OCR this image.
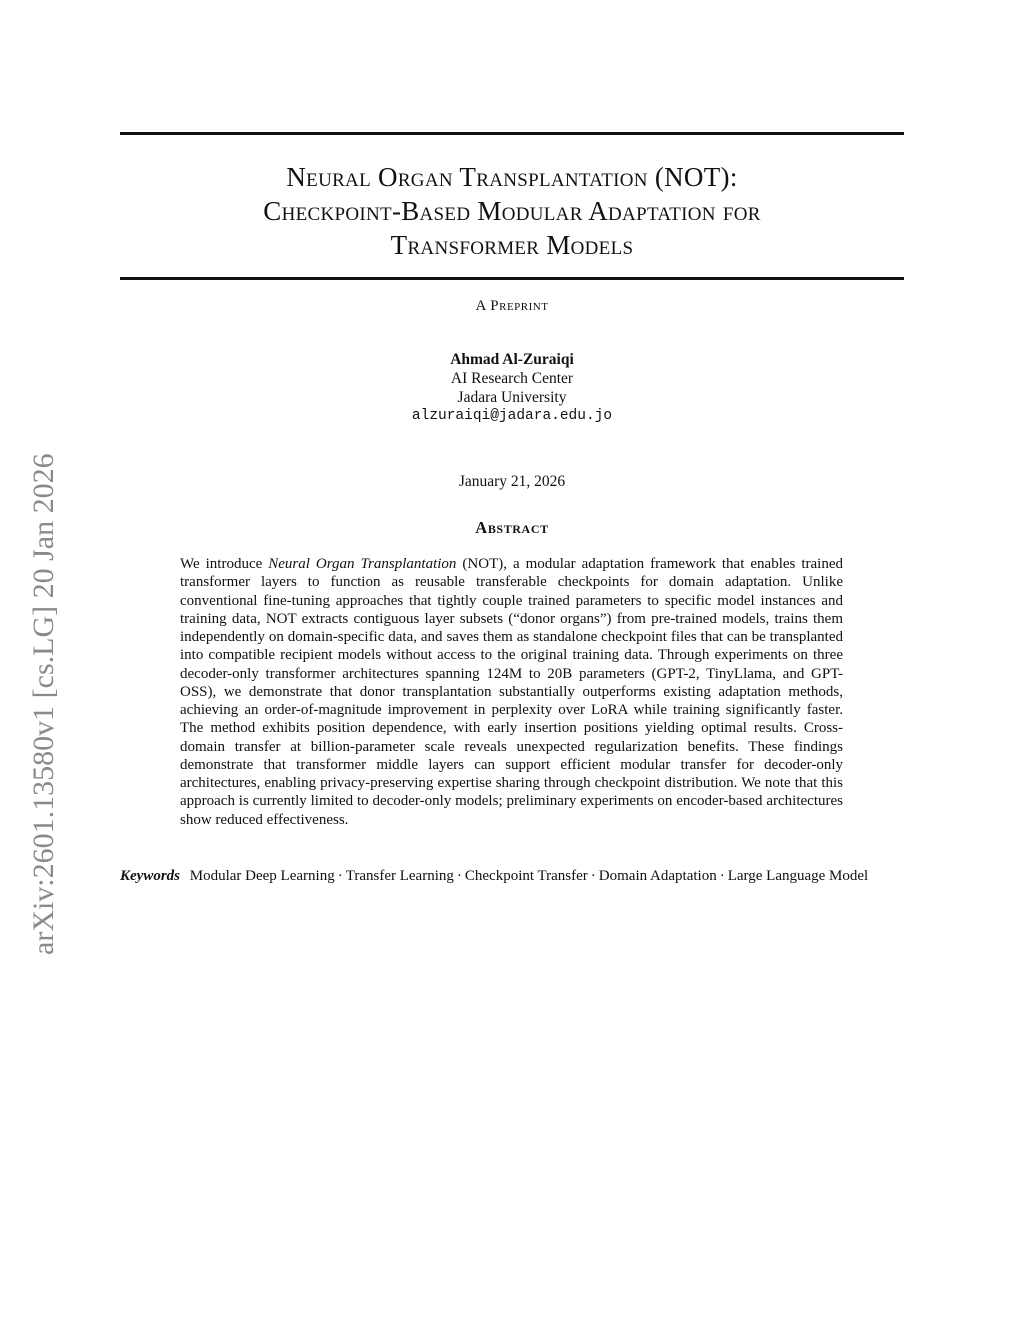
arXiv:2601.13580v1 [cs.LG] 20 Jan 2026
Neural Organ Transplantation (NOT):
Checkpoint-Based Modular Adaptation for
Transformer Models
A Preprint
Ahmad Al-Zuraiqi
AI Research Center
Jadara University
alzuraiqi@jadara.edu.jo
January 21, 2026
Abstract
We introduce Neural Organ Transplantation (NOT), a modular adaptation framework that enables trained transformer layers to function as reusable transferable checkpoints for domain adaptation. Unlike conventional fine-tuning approaches that tightly couple trained parameters to specific model instances and training data, NOT extracts contiguous layer subsets (“donor organs”) from pre-trained models, trains them independently on domain-specific data, and saves them as standalone checkpoint files that can be transplanted into compatible recipient models without access to the original training data. Through experiments on three decoder-only transformer architectures spanning 124M to 20B parameters (GPT-2, TinyLlama, and GPT-OSS), we demonstrate that donor transplantation substantially outperforms existing adaptation methods, achieving an order-of-magnitude improvement in perplexity over LoRA while training significantly faster. The method exhibits position dependence, with early insertion positions yielding optimal results. Cross-domain transfer at billion-parameter scale reveals unexpected regularization benefits. These findings demonstrate that transformer middle layers can support efficient modular transfer for decoder-only architectures, enabling privacy-preserving expertise sharing through checkpoint distribution. We note that this approach is currently limited to decoder-only models; preliminary experiments on encoder-based architectures show reduced effectiveness.
Keywords Modular Deep Learning · Transfer Learning · Checkpoint Transfer · Domain Adaptation · Large Language Model
